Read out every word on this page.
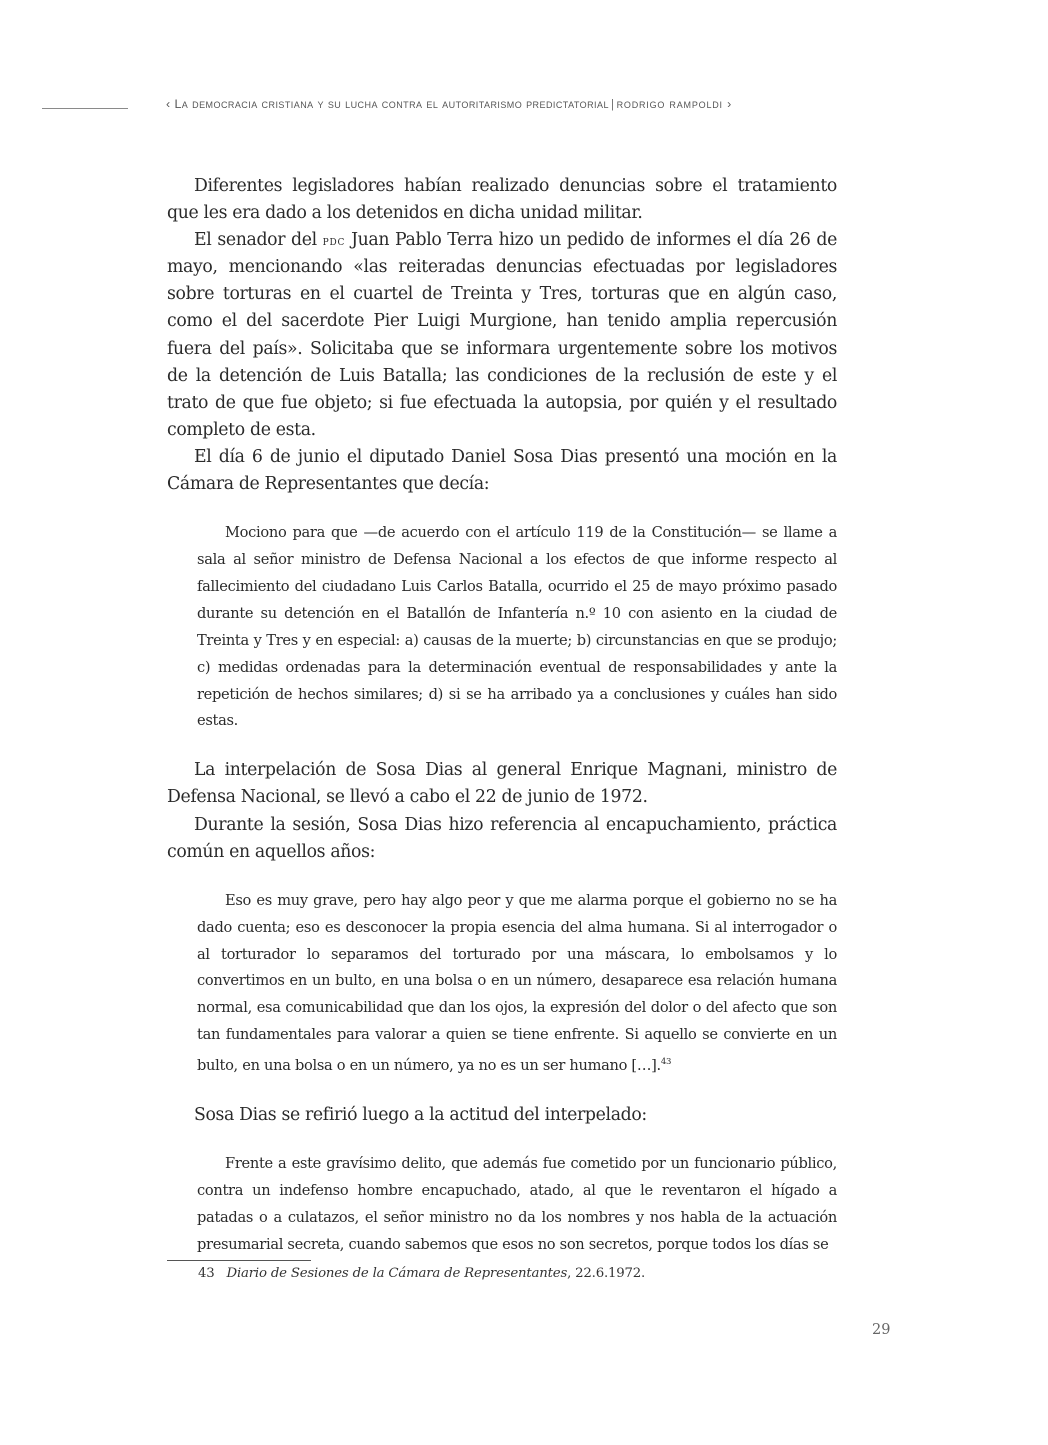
‹ La democracia cristiana y su lucha contra el autoritarismo predictatorial | rodrigo rampoldi ›

Diferentes legisladores habían realizado denuncias sobre el tratamiento que les era dado a los detenidos en dicha unidad militar.

El senador del pdc Juan Pablo Terra hizo un pedido de informes el día 26 de mayo, mencionando «las reiteradas denuncias efectuadas por legisladores sobre torturas en el cuartel de Treinta y Tres, torturas que en algún caso, como el del sacerdote Pier Luigi Murgione, han tenido amplia repercusión fuera del país». Solicitaba que se informara urgentemente sobre los motivos de la detención de Luis Batalla; las condiciones de la reclusión de este y el trato de que fue objeto; si fue efectuada la autopsia, por quién y el resultado completo de esta.

El día 6 de junio el diputado Daniel Sosa Dias presentó una moción en la Cámara de Representantes que decía:

Mociono para que —de acuerdo con el artículo 119 de la Constitución— se llame a sala al señor ministro de Defensa Nacional a los efectos de que informe respecto al fallecimiento del ciudadano Luis Carlos Batalla, ocurrido el 25 de mayo próximo pasado durante su detención en el Batallón de Infantería n.º 10 con asiento en la ciudad de Treinta y Tres y en especial: a) causas de la muerte; b) circunstancias en que se produjo; c) medidas ordenadas para la determinación eventual de responsabilidades y ante la repetición de hechos similares; d) si se ha arribado ya a conclusiones y cuáles han sido estas.

La interpelación de Sosa Dias al general Enrique Magnani, ministro de Defensa Nacional, se llevó a cabo el 22 de junio de 1972.

Durante la sesión, Sosa Dias hizo referencia al encapuchamiento, práctica común en aquellos años:

Eso es muy grave, pero hay algo peor y que me alarma porque el gobierno no se ha dado cuenta; eso es desconocer la propia esencia del alma humana. Si al interrogador o al torturador lo separamos del torturado por una máscara, lo embolsamos y lo convertimos en un bulto, en una bolsa o en un número, desaparece esa relación humana normal, esa comunicabilidad que dan los ojos, la expresión del dolor o del afecto que son tan fundamentales para valorar a quien se tiene enfrente. Si aquello se convierte en un bulto, en una bolsa o en un número, ya no es un ser humano […].$^{43}$

Sosa Dias se refirió luego a la actitud del interpelado:

Frente a este gravísimo delito, que además fue cometido por un funcionario público, contra un indefenso hombre encapuchado, atado, al que le reventaron el hígado a patadas o a culatazos, el señor ministro no da los nombres y nos habla de la actuación presumarial secreta, cuando sabemos que esos no son secretos, porque todos los días se

43 Diario de Sesiones de la Cámara de Representantes, 22.6.1972.
29
